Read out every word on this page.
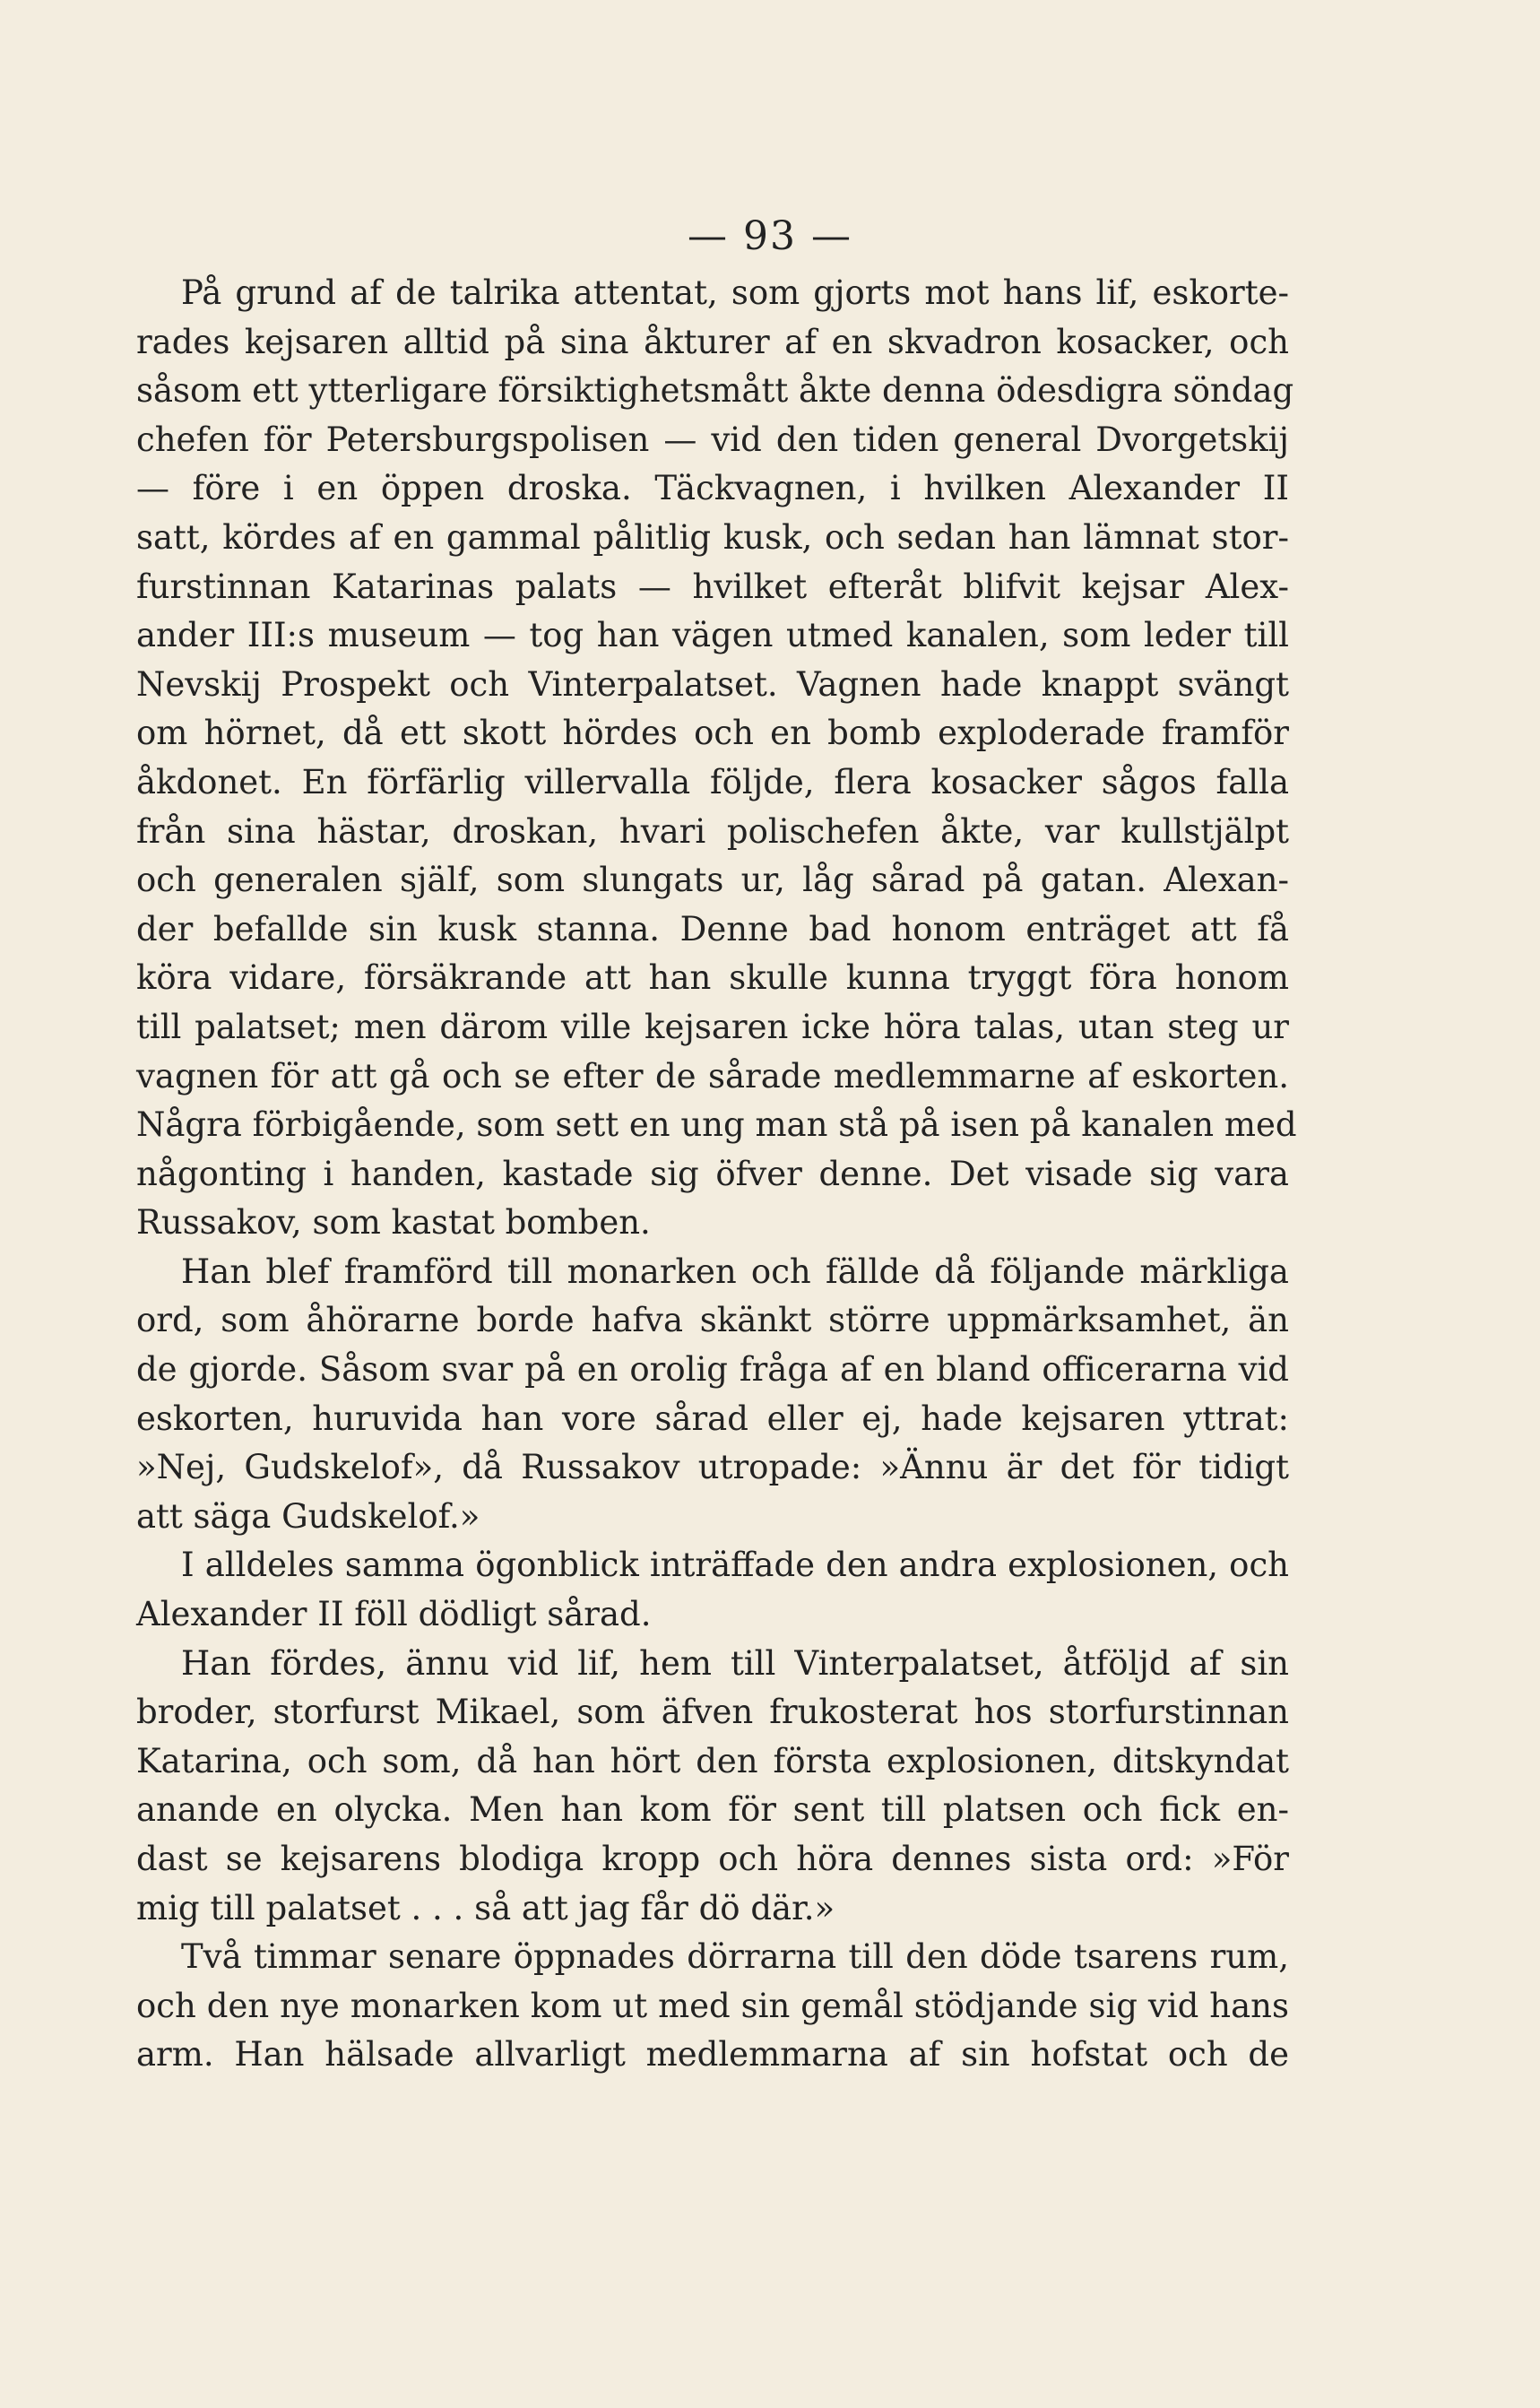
— 93 —
På grund af de talrika attentat, som gjorts mot hans lif, eskorte-
rades kejsaren alltid på sina åkturer af en skvadron kosacker, och
såsom ett ytterligare försiktighetsmått åkte denna ödesdigra söndag
chefen för Petersburgspolisen — vid den tiden general Dvorgetskij
— före i en öppen droska. Täckvagnen, i hvilken Alexander II
satt, kördes af en gammal pålitlig kusk, och sedan han lämnat stor-
furstinnan Katarinas palats — hvilket efteråt blifvit kejsar Alex-
ander III:s museum — tog han vägen utmed kanalen, som leder till
Nevskij Prospekt och Vinterpalatset. Vagnen hade knappt svängt
om hörnet, då ett skott hördes och en bomb exploderade framför
åkdonet. En förfärlig villervalla följde, flera kosacker sågos falla
från sina hästar, droskan, hvari polischefen åkte, var kullstjälpt
och generalen själf, som slungats ur, låg sårad på gatan. Alexan-
der befallde sin kusk stanna. Denne bad honom enträget att få
köra vidare, försäkrande att han skulle kunna tryggt föra honom
till palatset; men därom ville kejsaren icke höra talas, utan steg ur
vagnen för att gå och se efter de sårade medlemmarne af eskorten.
Några förbigående, som sett en ung man stå på isen på kanalen med
någonting i handen, kastade sig öfver denne. Det visade sig vara
Russakov, som kastat bomben.
Han blef framförd till monarken och fällde då följande märkliga
ord, som åhörarne borde hafva skänkt större uppmärksamhet, än
de gjorde. Såsom svar på en orolig fråga af en bland officerarna vid
eskorten, huruvida han vore sårad eller ej, hade kejsaren yttrat:
»Nej, Gudskelof», då Russakov utropade: »Ännu är det för tidigt
att säga Gudskelof.»
I alldeles samma ögonblick inträffade den andra explosionen, och
Alexander II föll dödligt sårad.
Han fördes, ännu vid lif, hem till Vinterpalatset, åtföljd af sin
broder, storfurst Mikael, som äfven frukosterat hos storfurstinnan
Katarina, och som, då han hört den första explosionen, ditskyndat
anande en olycka. Men han kom för sent till platsen och fick en-
dast se kejsarens blodiga kropp och höra dennes sista ord: »För
mig till palatset . . . så att jag får dö där.»
Två timmar senare öppnades dörrarna till den döde tsarens rum,
och den nye monarken kom ut med sin gemål stödjande sig vid hans
arm. Han hälsade allvarligt medlemmarna af sin hofstat och de
